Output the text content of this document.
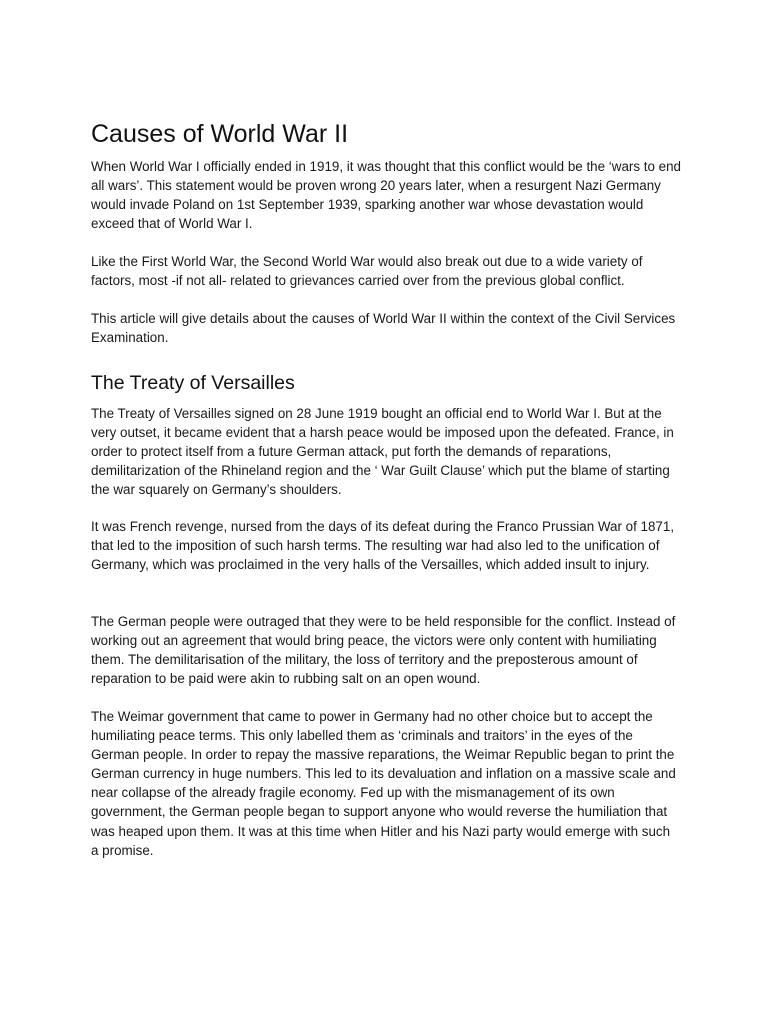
Causes of World War II

When World War I officially ended in 1919, it was thought that this conflict would be the ‘wars to end all wars’. This statement would be proven wrong 20 years later, when a resurgent Nazi Germany would invade Poland on 1st September 1939, sparking another war whose devastation would exceed that of World War I.

Like the First World War, the Second World War would also break out due to a wide variety of factors, most -if not all- related to grievances carried over from the previous global conflict.

This article will give details about the causes of World War II within the context of the Civil Services Examination.

The Treaty of Versailles

The Treaty of Versailles signed on 28 June 1919 bought an official end to World War I. But at the very outset, it became evident that a harsh peace would be imposed upon the defeated. France, in order to protect itself from a future German attack, put forth the demands of reparations, demilitarization of the Rhineland region and the ‘ War Guilt Clause’ which put the blame of starting the war squarely on Germany’s shoulders.

It was French revenge, nursed from the days of its defeat during the Franco Prussian War of 1871, that led to the imposition of such harsh terms. The resulting war had also led to the unification of Germany, which was proclaimed in the very halls of the Versailles, which added insult to injury.

The German people were outraged that they were to be held responsible for the conflict. Instead of working out an agreement that would bring peace, the victors were only content with humiliating them. The demilitarisation of the military, the loss of territory and the preposterous amount of reparation to be paid were akin to rubbing salt on an open wound.

The Weimar government that came to power in Germany had no other choice but to accept the humiliating peace terms. This only labelled them as ‘criminals and traitors’ in the eyes of the German people. In order to repay the massive reparations, the Weimar Republic began to print the German currency in huge numbers. This led to its devaluation and inflation on a massive scale and near collapse of the already fragile economy. Fed up with the mismanagement of its own government, the German people began to support anyone who would reverse the humiliation that was heaped upon them. It was at this time when Hitler and his Nazi party would emerge with such a promise.
